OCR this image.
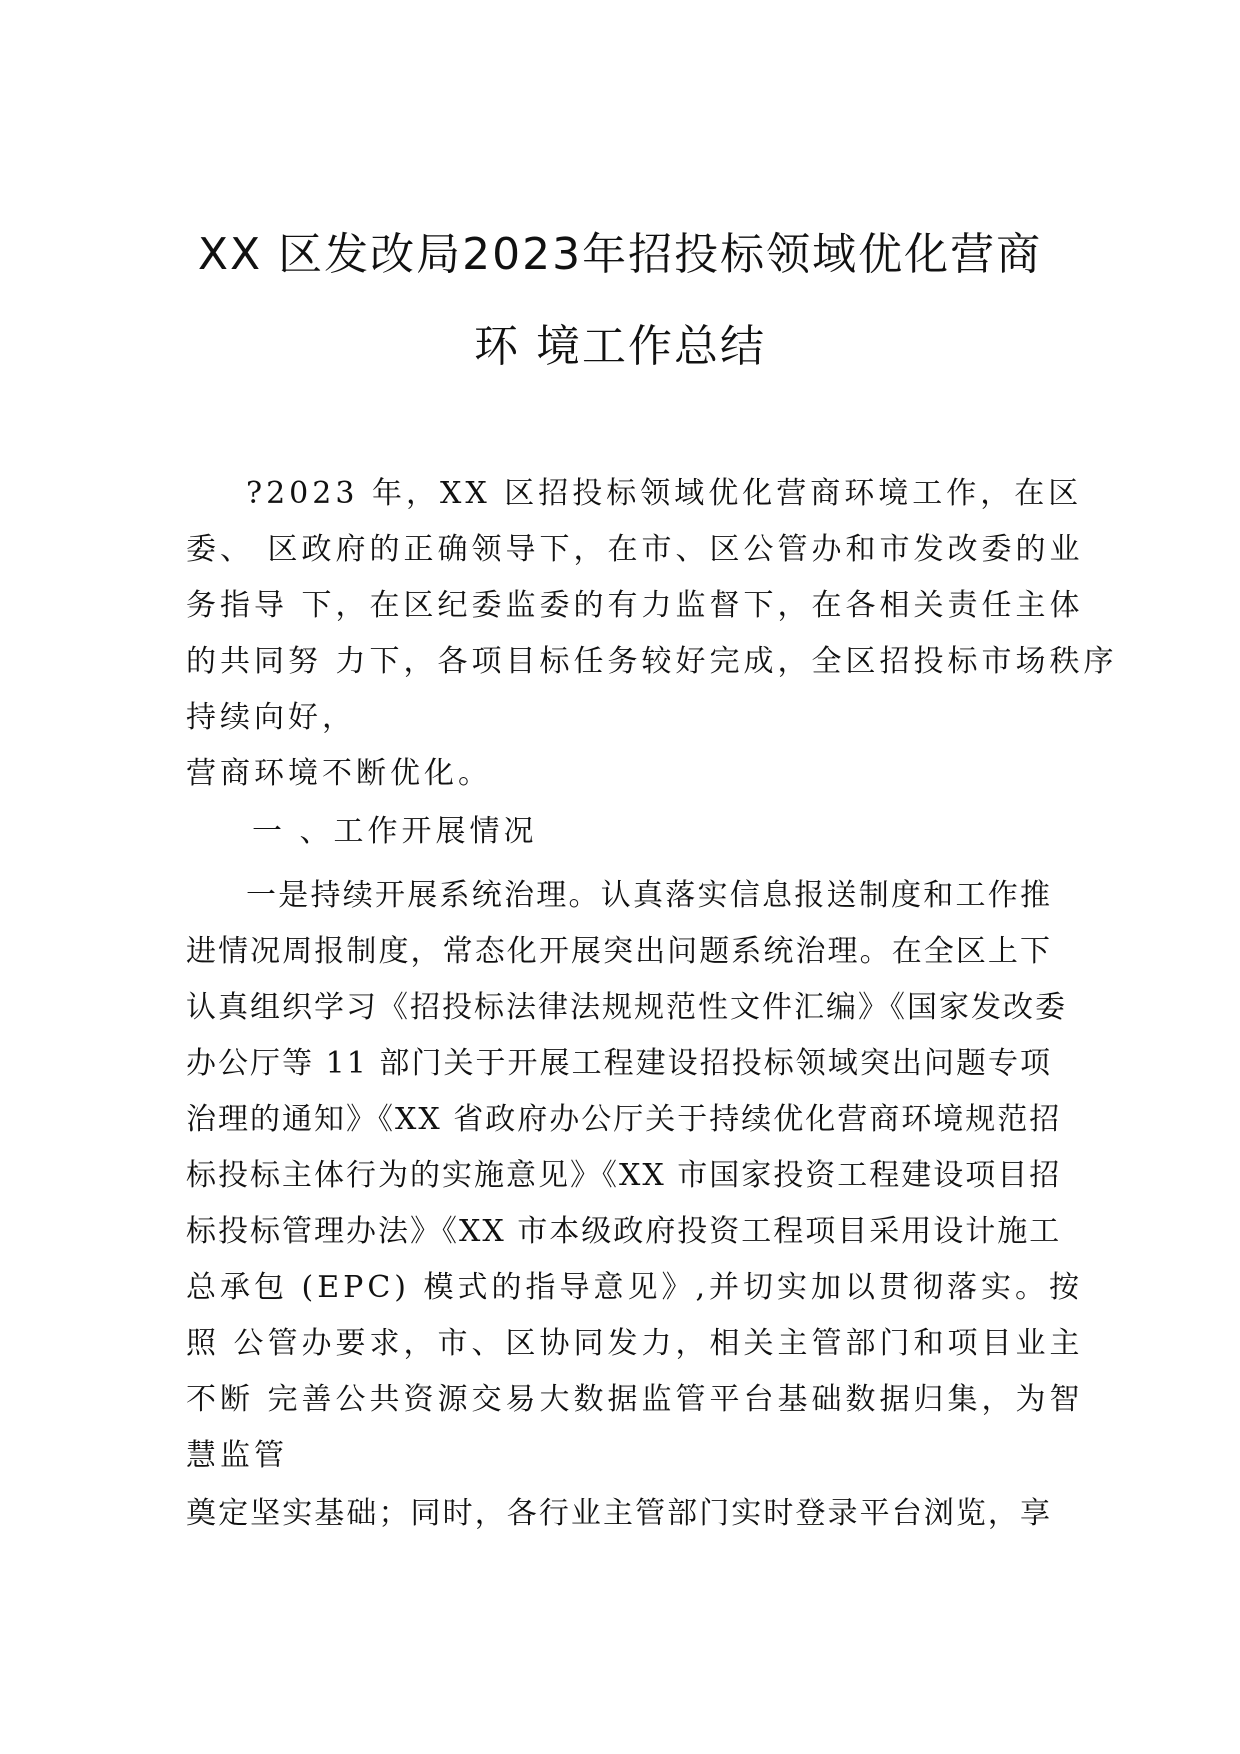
XX 区发改局2023年招投标领域优化营商
环 境工作总结
?2023 年，XX 区招投标领域优化营商环境工作，在区
委、 区政府的正确领导下，在市、区公管办和市发改委的业
务指导 下，在区纪委监委的有力监督下，在各相关责任主体
的共同努 力下，各项目标任务较好完成，全区招投标市场秩序
持续向好，
营商环境不断优化。
一 、工作开展情况
一是持续开展系统治理。认真落实信息报送制度和工作推
进情况周报制度，常态化开展突出问题系统治理。在全区上下
认真组织学习《招投标法律法规规范性文件汇编》《国家发改委
办公厅等 11 部门关于开展工程建设招投标领域突出问题专项
治理的通知》《XX 省政府办公厅关于持续优化营商环境规范招
标投标主体行为的实施意见》《XX 市国家投资工程建设项目招
标投标管理办法》《XX 市本级政府投资工程项目采用设计施工
总承包 (EPC) 模式的指导意见》,并切实加以贯彻落实。按
照 公管办要求，市、区协同发力，相关主管部门和项目业主
不断 完善公共资源交易大数据监管平台基础数据归集，为智
慧监管
奠定坚实基础；同时，各行业主管部门实时登录平台浏览，享
